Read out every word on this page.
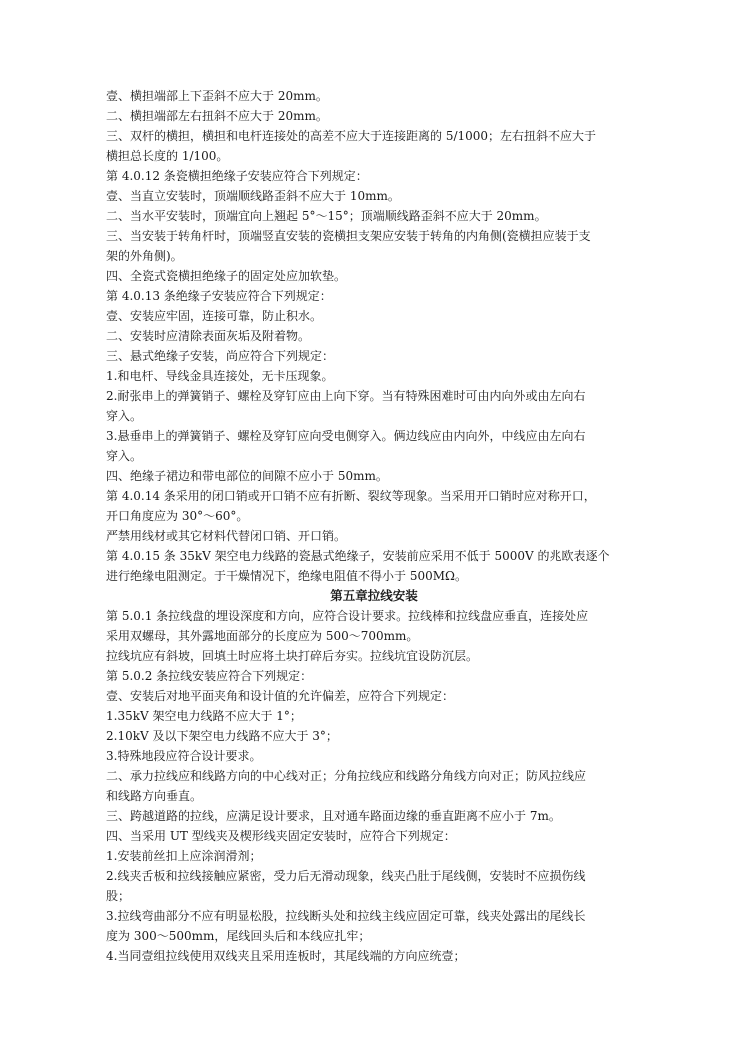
壹、横担端部上下歪斜不应大于 20mm。
二、横担端部左右扭斜不应大于 20mm。
三、双杆的横担，横担和电杆连接处的高差不应大于连接距离的 5/1000；左右扭斜不应大于
横担总长度的 1/100。
第 4.0.12 条瓷横担绝缘子安装应符合下列规定：
壹、当直立安装时，顶端顺线路歪斜不应大于 10mm。
二、当水平安装时，顶端宜向上翘起 5°～15°；顶端顺线路歪斜不应大于 20mm。
三、当安装于转角杆时，顶端竖直安装的瓷横担支架应安装于转角的内角侧(瓷横担应装于支
架的外角侧)。
四、全瓷式瓷横担绝缘子的固定处应加软垫。
第 4.0.13 条绝缘子安装应符合下列规定：
壹、安装应牢固，连接可靠，防止积水。
二、安装时应清除表面灰垢及附着物。
三、悬式绝缘子安装，尚应符合下列规定：
1.和电杆、导线金具连接处，无卡压现象。
2.耐张串上的弹簧销子、螺栓及穿钉应由上向下穿。当有特殊困难时可由内向外或由左向右
穿入。
3.悬垂串上的弹簧销子、螺栓及穿钉应向受电侧穿入。俩边线应由内向外，中线应由左向右
穿入。
四、绝缘子裙边和带电部位的间隙不应小于 50mm。
第 4.0.14 条采用的闭口销或开口销不应有折断、裂纹等现象。当采用开口销时应对称开口，
开口角度应为 30°～60°。
严禁用线材或其它材料代替闭口销、开口销。
第 4.0.15 条 35kV 架空电力线路的瓷悬式绝缘子，安装前应采用不低于 5000V 的兆欧表逐个
进行绝缘电阻测定。于干燥情况下，绝缘电阻值不得小于 500MΩ。
第五章拉线安装
第 5.0.1 条拉线盘的埋设深度和方向，应符合设计要求。拉线棒和拉线盘应垂直，连接处应
采用双螺母，其外露地面部分的长度应为 500～700mm。
拉线坑应有斜坡，回填土时应将土块打碎后夯实。拉线坑宜设防沉层。
第 5.0.2 条拉线安装应符合下列规定：
壹、安装后对地平面夹角和设计值的允许偏差，应符合下列规定：
1.35kV 架空电力线路不应大于 1°；
2.10kV 及以下架空电力线路不应大于 3°；
3.特殊地段应符合设计要求。
二、承力拉线应和线路方向的中心线对正；分角拉线应和线路分角线方向对正；防风拉线应
和线路方向垂直。
三、跨越道路的拉线，应满足设计要求，且对通车路面边缘的垂直距离不应小于 7m。
四、当采用 UT 型线夹及楔形线夹固定安装时，应符合下列规定：
1.安装前丝扣上应涂润滑剂；
2.线夹舌板和拉线接触应紧密，受力后无滑动现象，线夹凸肚于尾线侧，安装时不应损伤线
股；
3.拉线弯曲部分不应有明显松股，拉线断头处和拉线主线应固定可靠，线夹处露出的尾线长
度为 300～500mm，尾线回头后和本线应扎牢；
4.当同壹组拉线使用双线夹且采用连板时，其尾线端的方向应统壹；
